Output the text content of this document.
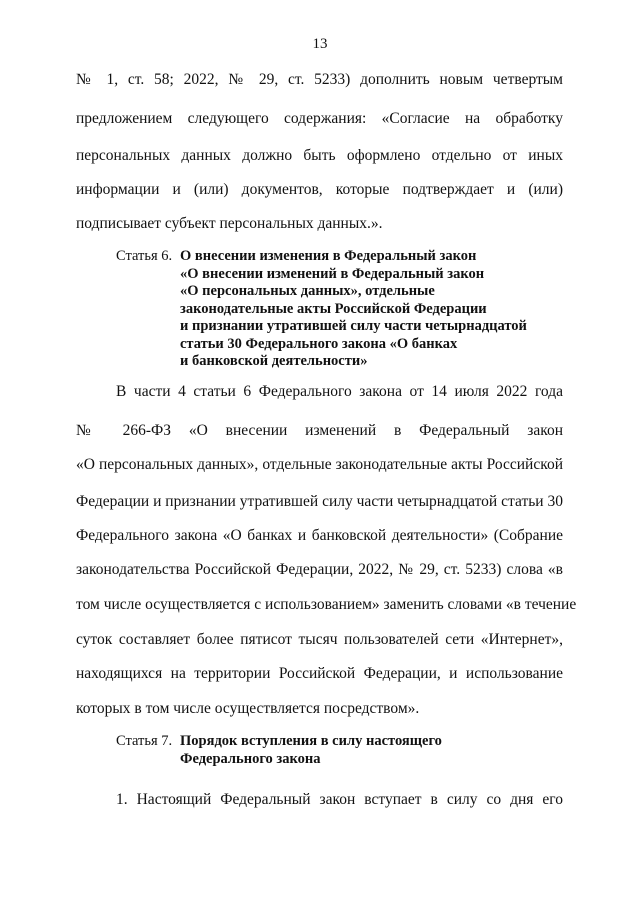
13
№ 1, ст. 58; 2022, № 29, ст. 5233) дополнить новым четвертым
предложением следующего содержания: «Согласие на обработку
персональных данных должно быть оформлено отдельно от иных
информации и (или) документов, которые подтверждает и (или)
подписывает субъект персональных данных.».
Статья 6. О внесении изменения в Федеральный закон
«О внесении изменений в Федеральный закон
«О персональных данных», отдельные
законодательные акты Российской Федерации
и признании утратившей силу части четырнадцатой
статьи 30 Федерального закона «О банках
и банковской деятельности»
В части 4 статьи 6 Федерального закона от 14 июля 2022 года
№ 266-ФЗ «О внесении изменений в Федеральный закон
«О персональных данных», отдельные законодательные акты Российской
Федерации и признании утратившей силу части четырнадцатой статьи 30
Федерального закона «О банках и банковской деятельности» (Собрание
законодательства Российской Федерации, 2022, № 29, ст. 5233) слова «в
том числе осуществляется с использованием» заменить словами «в течение
суток составляет более пятисот тысяч пользователей сети «Интернет»,
находящихся на территории Российской Федерации, и использование
которых в том числе осуществляется посредством».
Статья 7. Порядок вступления в силу настоящего
Федерального закона
1. Настоящий Федеральный закон вступает в силу со дня его
